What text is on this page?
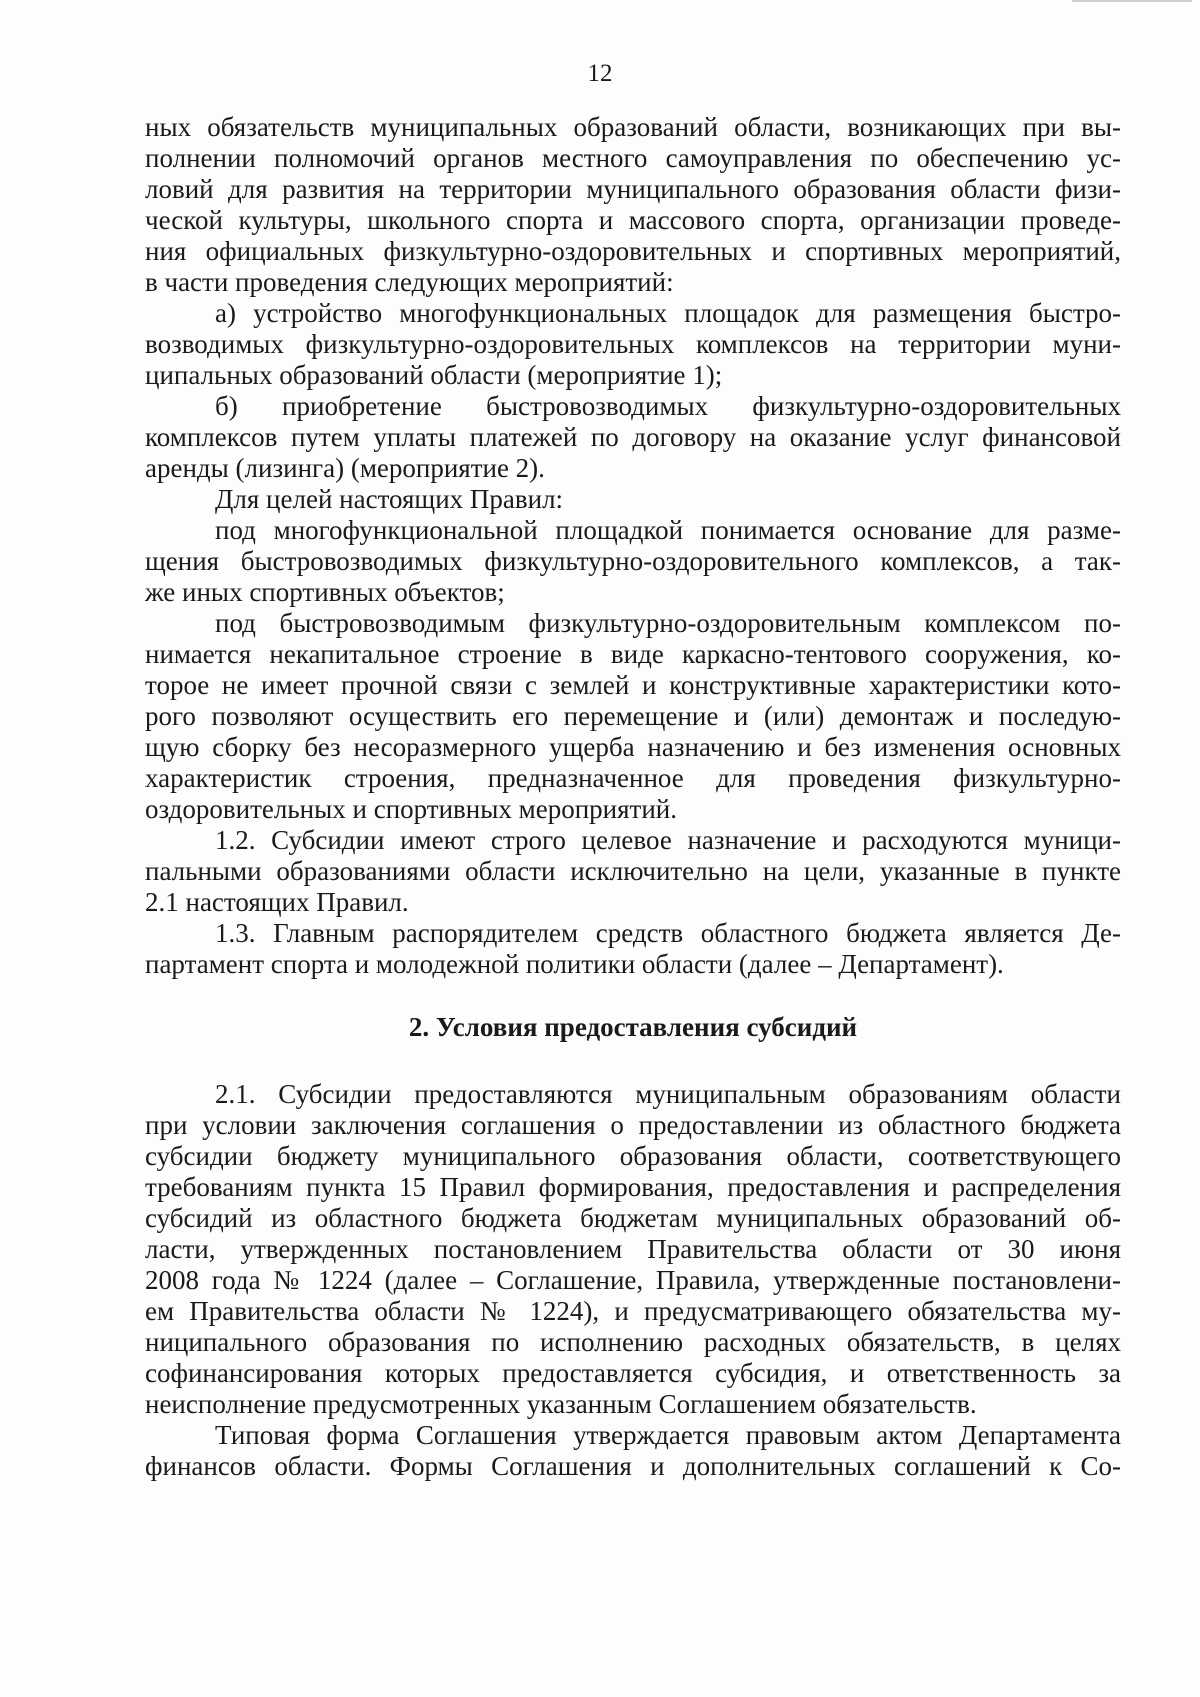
12

ных обязательств муниципальных образований области, возникающих при вы-
полнении полномочий органов местного самоуправления по обеспечению ус-
ловий для развития на территории муниципального образования области физи-
ческой культуры, школьного спорта и массового спорта, организации проведе-
ния официальных физкультурно-оздоровительных и спортивных мероприятий,
в части проведения следующих мероприятий:

а) устройство многофункциональных площадок для размещения быстро-
возводимых физкультурно-оздоровительных комплексов на территории муни-
ципальных образований области (мероприятие 1);

б) приобретение быстровозводимых физкультурно-оздоровительных
комплексов путем уплаты платежей по договору на оказание услуг финансовой
аренды (лизинга) (мероприятие 2).

Для целей настоящих Правил:

под многофункциональной площадкой понимается основание для разме-
щения быстровозводимых физкультурно-оздоровительного комплексов, а так-
же иных спортивных объектов;

под быстровозводимым физкультурно-оздоровительным комплексом по-
нимается некапитальное строение в виде каркасно-тентового сооружения, ко-
торое не имеет прочной связи с землей и конструктивные характеристики кото-
рого позволяют осуществить его перемещение и (или) демонтаж и последую-
щую сборку без несоразмерного ущерба назначению и без изменения основных
характеристик строения, предназначенное для проведения физкультурно-
оздоровительных и спортивных мероприятий.

1.2. Субсидии имеют строго целевое назначение и расходуются муници-
пальными образованиями области исключительно на цели, указанные в пункте
2.1 настоящих Правил.

1.3. Главным распорядителем средств областного бюджета является Де-
партамент спорта и молодежной политики области (далее – Департамент).

2. Условия предоставления субсидий

2.1. Субсидии предоставляются муниципальным образованиям области
при условии заключения соглашения о предоставлении из областного бюджета
субсидии бюджету муниципального образования области, соответствующего
требованиям пункта 15 Правил формирования, предоставления и распределения
субсидий из областного бюджета бюджетам муниципальных образований об-
ласти, утвержденных постановлением Правительства области от 30 июня
2008 года № 1224 (далее – Соглашение, Правила, утвержденные постановлени-
ем Правительства области № 1224), и предусматривающего обязательства му-
ниципального образования по исполнению расходных обязательств, в целях
софинансирования которых предоставляется субсидия, и ответственность за
неисполнение предусмотренных указанным Соглашением обязательств.

Типовая форма Соглашения утверждается правовым актом Департамента
финансов области. Формы Соглашения и дополнительных соглашений к Со-
